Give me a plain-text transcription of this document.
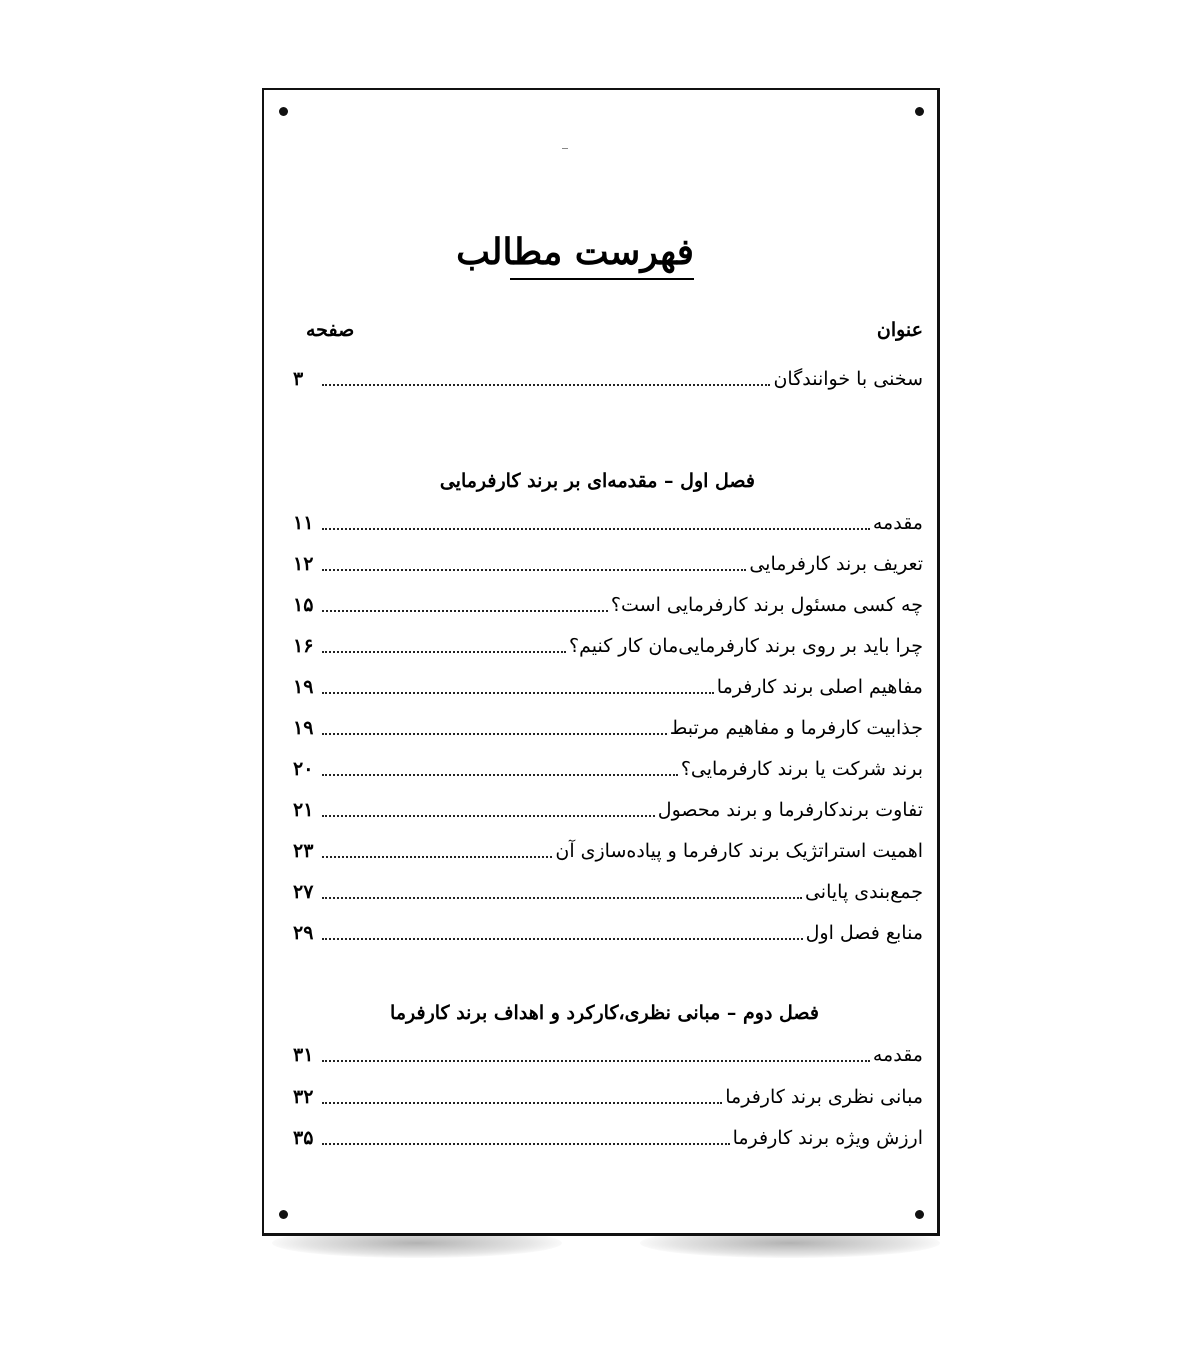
فهرست مطالب
عنوان
صفحه
سخنی با خوانندگان
۳
فصل اول – مقدمه‌ای بر برند کارفرمایی
مقدمه
۱۱
تعریف برند کارفرمایی
۱۲
چه کسی مسئول برند کارفرمایی است؟
۱۵
چرا باید بر روی برند کارفرمایی‌مان کار کنیم؟
۱۶
مفاهیم اصلی برند کارفرما
۱۹
جذابیت کارفرما و مفاهیم مرتبط
۱۹
برند شرکت یا برند کارفرمایی؟
۲۰
تفاوت برندکارفرما و برند محصول
۲۱
اهمیت استراتژیک برند کارفرما و پیاده‌سازی آن
۲۳
جمع‌بندی پایانی
۲۷
منابع فصل اول
۲۹
فصل دوم – مبانی نظری،کارکرد و اهداف برند کارفرما
مقدمه
۳۱
مبانی نظری برند کارفرما
۳۲
ارزش ویژه برند کارفرما
۳۵
